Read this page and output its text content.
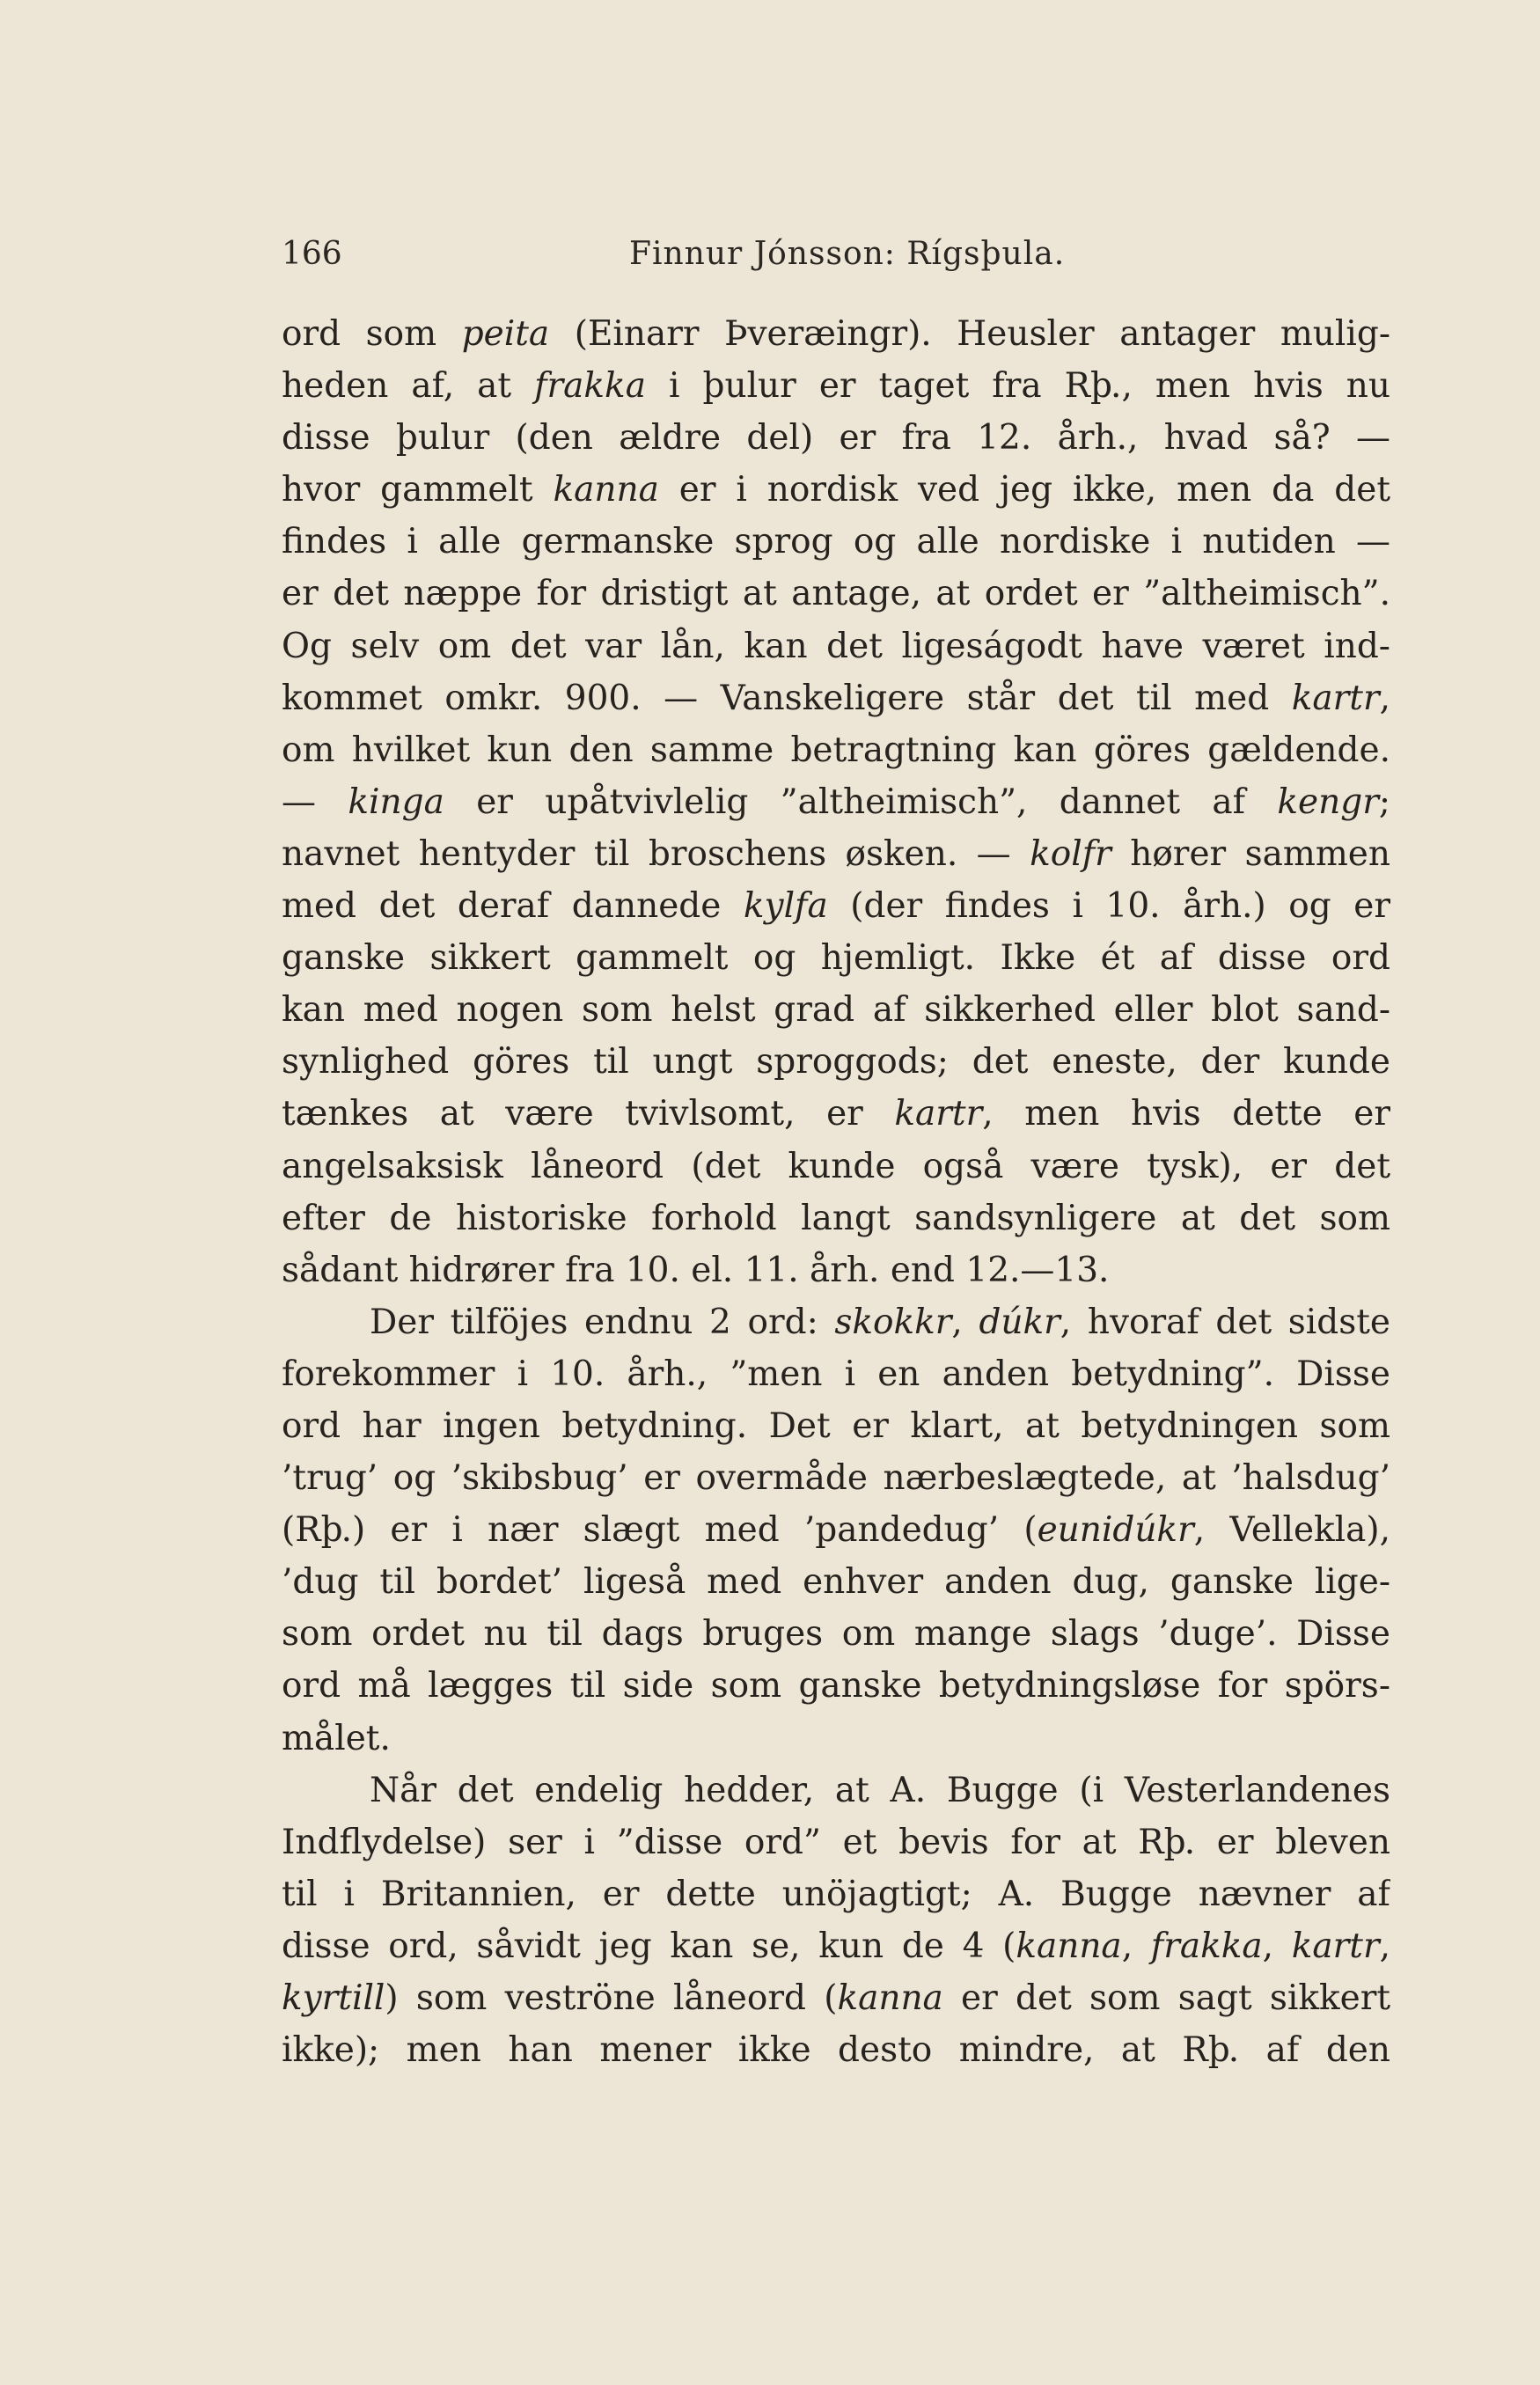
166	Finnur Jónsson: Rígsþula.
ord som peita (Einarr Þveræingr). Heusler antager mulig-
heden af, at frakka i þulur er taget fra Rþ., men hvis nu
disse þulur (den ældre del) er fra 12. årh., hvad så? —
hvor gammelt kanna er i nordisk ved jeg ikke, men da det
findes i alle germanske sprog og alle nordiske i nutiden —
er det næppe for dristigt at antage, at ordet er ”altheimisch”.
Og selv om det var lån, kan det ligeságodt have været ind-
kommet omkr. 900. — Vanskeligere står det til med kartr,
om hvilket kun den samme betragtning kan göres gældende.
— kinga er upåtvivlelig ”altheimisch”, dannet af kengr;
navnet hentyder til broschens øsken. — kolfr hører sammen
med det deraf dannede kylfa (der findes i 10. årh.) og er
ganske sikkert gammelt og hjemligt. Ikke ét af disse ord
kan med nogen som helst grad af sikkerhed eller blot sand-
synlighed göres til ungt sproggods; det eneste, der kunde
tænkes at være tvivlsomt, er kartr, men hvis dette er
angelsaksisk låneord (det kunde også være tysk), er det
efter de historiske forhold langt sandsynligere at det som
sådant hidrører fra 10. el. 11. årh. end 12.—13.
Der tilföjes endnu 2 ord: skokkr, dúkr, hvoraf det sidste
forekommer i 10. årh., ”men i en anden betydning”. Disse
ord har ingen betydning. Det er klart, at betydningen som
’trug’ og ’skibsbug’ er overmåde nærbeslægtede, at ’halsdug’
(Rþ.) er i nær slægt med ’pandedug’ (eunidúkr, Vellekla),
’dug til bordet’ ligeså med enhver anden dug, ganske lige-
som ordet nu til dags bruges om mange slags ’duge’. Disse
ord må lægges til side som ganske betydningsløse for spörs-
målet.
Når det endelig hedder, at A. Bugge (i Vesterlandenes
Indflydelse) ser i ”disse ord” et bevis for at Rþ. er bleven
til i Britannien, er dette unöjagtigt; A. Bugge nævner af
disse ord, såvidt jeg kan se, kun de 4 (kanna, frakka, kartr,
kyrtill) som veströne låneord (kanna er det som sagt sikkert
ikke); men han mener ikke desto mindre, at Rþ. af den
